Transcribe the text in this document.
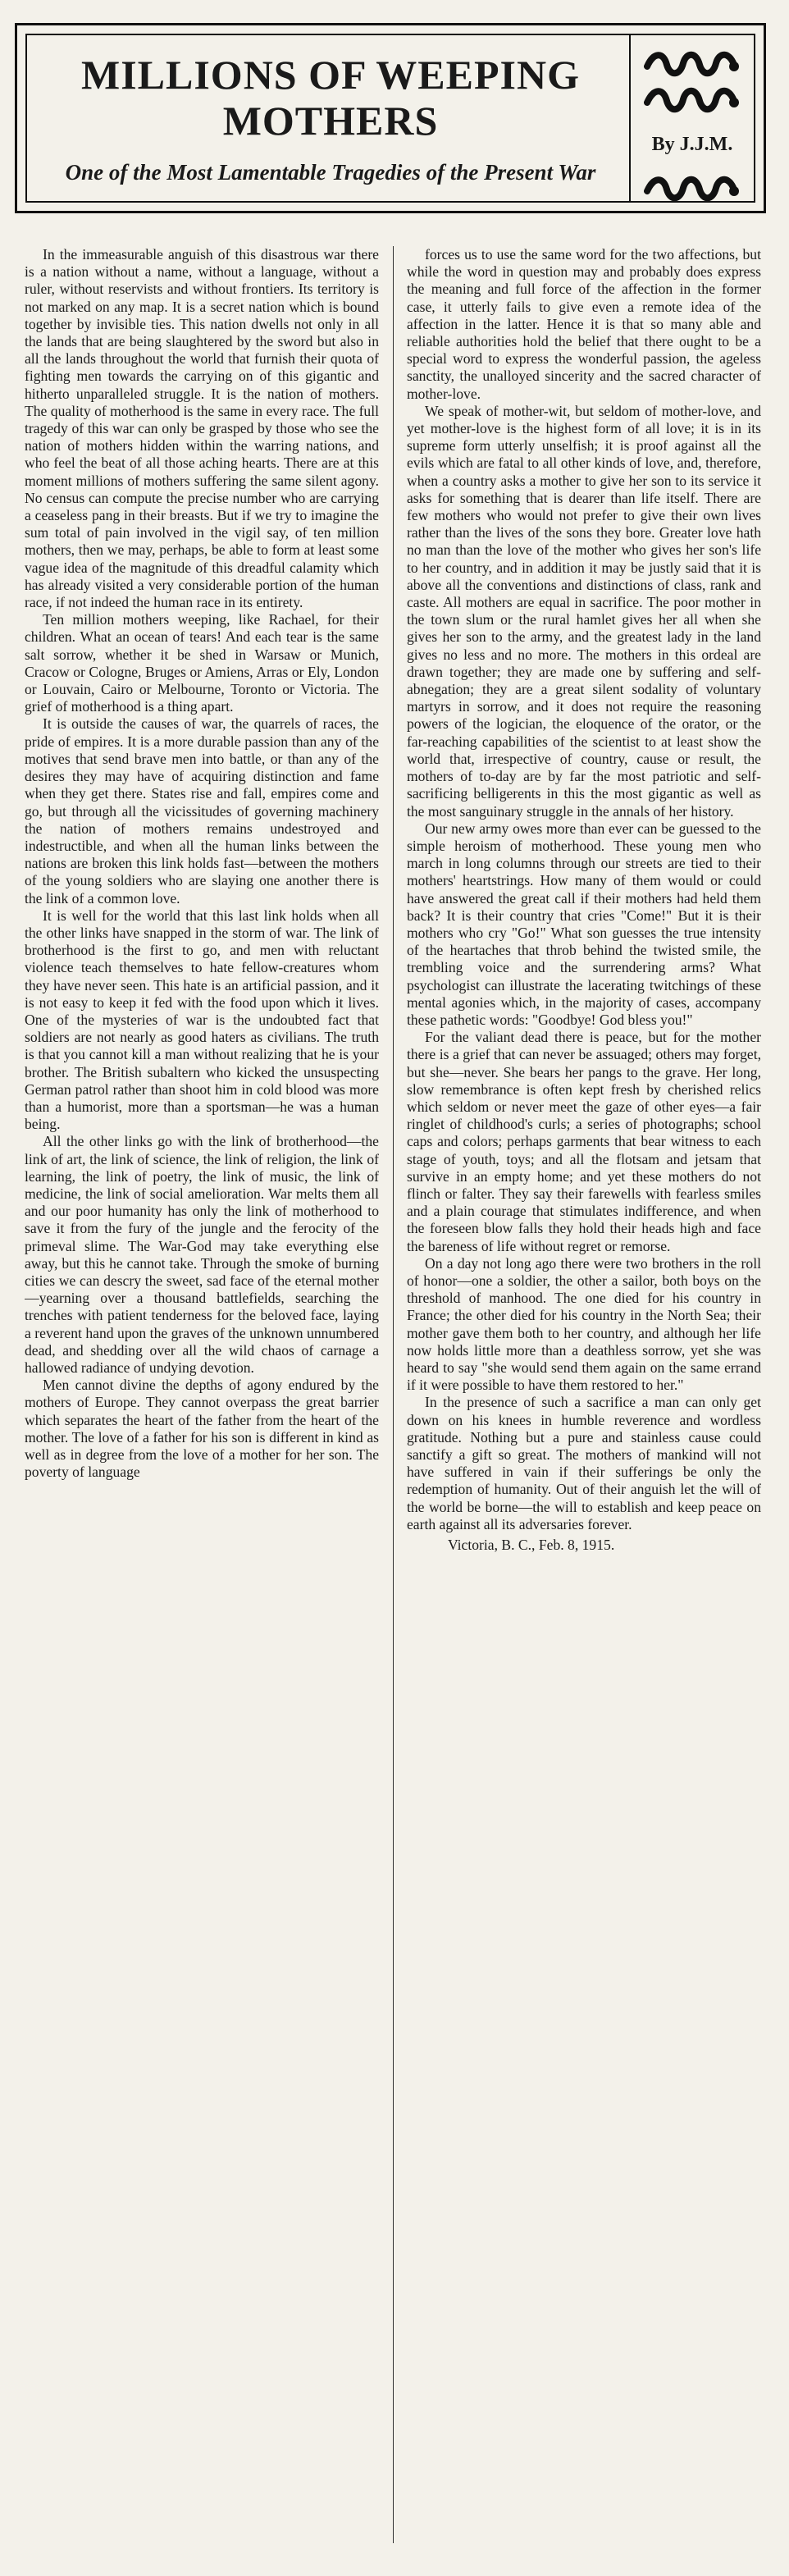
MILLIONS OF WEEPING
MOTHERS
One of the Most Lamentable Tragedies of the Present War
By J.J.M.

In the immeasurable anguish of this disastrous war there is a nation without a name, without a language, without a ruler, without reservists and without frontiers. Its territory is not marked on any map. It is a secret nation which is bound together by invisible ties. This nation dwells not only in all the lands that are being slaughtered by the sword but also in all the lands throughout the world that furnish their quota of fighting men towards the carrying on of this gigantic and hitherto unparalleled struggle. It is the nation of mothers. The quality of motherhood is the same in every race. The full tragedy of this war can only be grasped by those who see the nation of mothers hidden within the warring nations, and who feel the beat of all those aching hearts. There are at this moment millions of mothers suffering the same silent agony. No census can compute the precise number who are carrying a ceaseless pang in their breasts. But if we try to imagine the sum total of pain involved in the vigil say, of ten million mothers, then we may, perhaps, be able to form at least some vague idea of the magnitude of this dreadful calamity which has already visited a very considerable portion of the human race, if not indeed the human race in its entirety.

Ten million mothers weeping, like Rachael, for their children. What an ocean of tears! And each tear is the same salt sorrow, whether it be shed in Warsaw or Munich, Cracow or Cologne, Bruges or Amiens, Arras or Ely, London or Louvain, Cairo or Melbourne, Toronto or Victoria. The grief of motherhood is a thing apart.

It is outside the causes of war, the quarrels of races, the pride of empires. It is a more durable passion than any of the motives that send brave men into battle, or than any of the desires they may have of acquiring distinction and fame when they get there. States rise and fall, empires come and go, but through all the vicissitudes of governing machinery the nation of mothers remains undestroyed and indestructible, and when all the human links between the nations are broken this link holds fast—between the mothers of the young soldiers who are slaying one another there is the link of a common love.

It is well for the world that this last link holds when all the other links have snapped in the storm of war. The link of brotherhood is the first to go, and men with reluctant violence teach themselves to hate fellow-creatures whom they have never seen. This hate is an artificial passion, and it is not easy to keep it fed with the food upon which it lives. One of the mysteries of war is the undoubted fact that soldiers are not nearly as good haters as civilians. The truth is that you cannot kill a man without realizing that he is your brother. The British subaltern who kicked the unsuspecting German patrol rather than shoot him in cold blood was more than a humorist, more than a sportsman—he was a human being.

All the other links go with the link of brotherhood—the link of art, the link of science, the link of religion, the link of learning, the link of poetry, the link of music, the link of medicine, the link of social amelioration. War melts them all and our poor humanity has only the link of motherhood to save it from the fury of the jungle and the ferocity of the primeval slime. The War-God may take everything else away, but this he cannot take. Through the smoke of burning cities we can descry the sweet, sad face of the eternal mother—yearning over a thousand battlefields, searching the trenches with patient tenderness for the beloved face, laying a reverent hand upon the graves of the unknown unnumbered dead, and shedding over all the wild chaos of carnage a hallowed radiance of undying devotion.

Men cannot divine the depths of agony endured by the mothers of Europe. They cannot overpass the great barrier which separates the heart of the father from the heart of the mother. The love of a father for his son is different in kind as well as in degree from the love of a mother for her son. The poverty of language

forces us to use the same word for the two affections, but while the word in question may and probably does express the meaning and full force of the affection in the former case, it utterly fails to give even a remote idea of the affection in the latter. Hence it is that so many able and reliable authorities hold the belief that there ought to be a special word to express the wonderful passion, the ageless sanctity, the unalloyed sincerity and the sacred character of mother-love.

We speak of mother-wit, but seldom of mother-love, and yet mother-love is the highest form of all love; it is in its supreme form utterly unselfish; it is proof against all the evils which are fatal to all other kinds of love, and, therefore, when a country asks a mother to give her son to its service it asks for something that is dearer than life itself. There are few mothers who would not prefer to give their own lives rather than the lives of the sons they bore. Greater love hath no man than the love of the mother who gives her son's life to her country, and in addition it may be justly said that it is above all the conventions and distinctions of class, rank and caste. All mothers are equal in sacrifice. The poor mother in the town slum or the rural hamlet gives her all when she gives her son to the army, and the greatest lady in the land gives no less and no more. The mothers in this ordeal are drawn together; they are made one by suffering and self-abnegation; they are a great silent sodality of voluntary martyrs in sorrow, and it does not require the reasoning powers of the logician, the eloquence of the orator, or the far-reaching capabilities of the scientist to at least show the world that, irrespective of country, cause or result, the mothers of to-day are by far the most patriotic and self-sacrificing belligerents in this the most gigantic as well as the most sanguinary struggle in the annals of her history.

Our new army owes more than ever can be guessed to the simple heroism of motherhood. These young men who march in long columns through our streets are tied to their mothers' heartstrings. How many of them would or could have answered the great call if their mothers had held them back? It is their country that cries "Come!" But it is their mothers who cry "Go!" What son guesses the true intensity of the heartaches that throb behind the twisted smile, the trembling voice and the surrendering arms? What psychologist can illustrate the lacerating twitchings of these mental agonies which, in the majority of cases, accompany these pathetic words: "Goodbye! God bless you!"

For the valiant dead there is peace, but for the mother there is a grief that can never be assuaged; others may forget, but she—never. She bears her pangs to the grave. Her long, slow remembrance is often kept fresh by cherished relics which seldom or never meet the gaze of other eyes—a fair ringlet of childhood's curls; a series of photographs; school caps and colors; perhaps garments that bear witness to each stage of youth, toys; and all the flotsam and jetsam that survive in an empty home; and yet these mothers do not flinch or falter. They say their farewells with fearless smiles and a plain courage that stimulates indifference, and when the foreseen blow falls they hold their heads high and face the bareness of life without regret or remorse.

On a day not long ago there were two brothers in the roll of honor—one a soldier, the other a sailor, both boys on the threshold of manhood. The one died for his country in France; the other died for his country in the North Sea; their mother gave them both to her country, and although her life now holds little more than a deathless sorrow, yet she was heard to say "she would send them again on the same errand if it were possible to have them restored to her."

In the presence of such a sacrifice a man can only get down on his knees in humble reverence and wordless gratitude. Nothing but a pure and stainless cause could sanctify a gift so great. The mothers of mankind will not have suffered in vain if their sufferings be only the redemption of humanity. Out of their anguish let the will of the world be borne—the will to establish and keep peace on earth against all its adversaries forever.

Victoria, B. C., Feb. 8, 1915.
